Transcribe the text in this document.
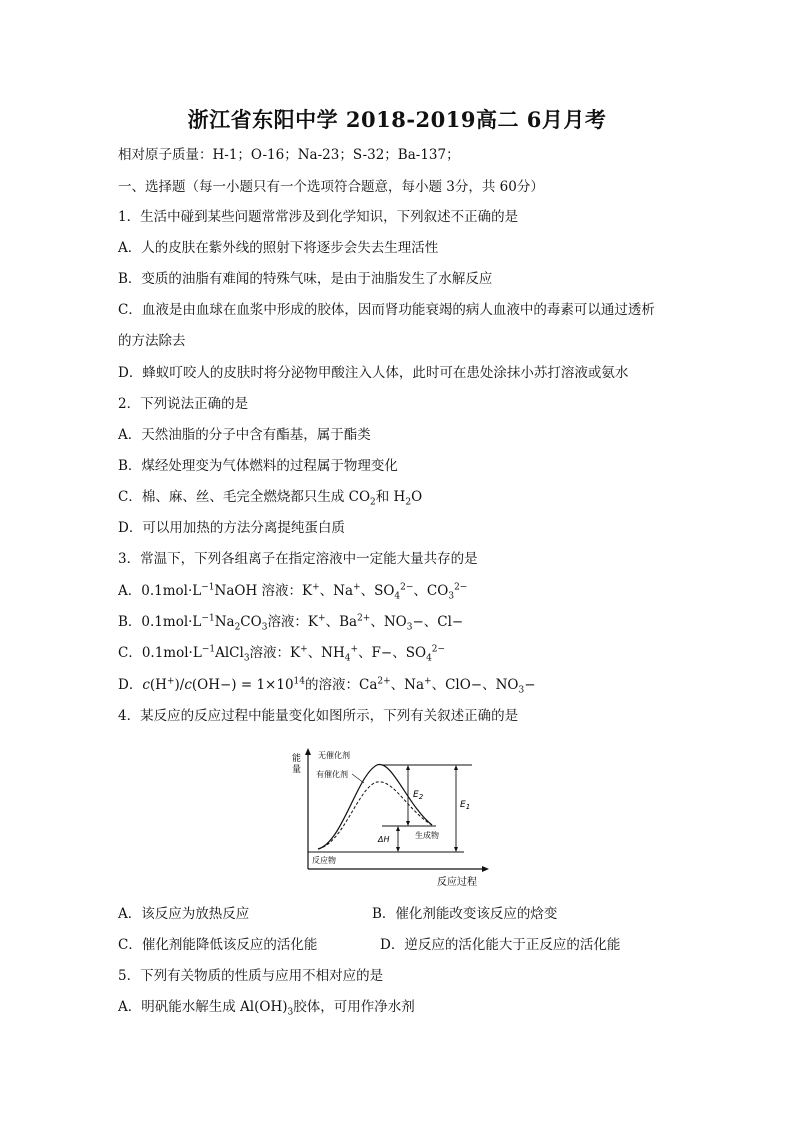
浙江省东阳中学 2018-2019高二 6月月考
相对原子质量：H-1；O-16；Na-23；S-32；Ba-137；
一、选择题（每一小题只有一个选项符合题意，每小题 3分，共 60分）
1．生活中碰到某些问题常常涉及到化学知识，下列叙述不正确的是
A．人的皮肤在紫外线的照射下将逐步会失去生理活性
B．变质的油脂有难闻的特殊气味，是由于油脂发生了水解反应
C．血液是由血球在血浆中形成的胶体，因而肾功能衰竭的病人血液中的毒素可以通过透析
的方法除去
D．蜂蚁叮咬人的皮肤时将分泌物甲酸注入人体，此时可在患处涂抹小苏打溶液或氨水
2．下列说法正确的是
A．天然油脂的分子中含有酯基，属于酯类
B．煤经处理变为气体燃料的过程属于物理变化
C．棉、麻、丝、毛完全燃烧都只生成 $CO_2$和 $H_2O$
D．可以用加热的方法分离提纯蛋白质
3．常温下，下列各组离子在指定溶液中一定能大量共存的是
A．$0.1mol\cdot L^{-1}NaOH$ 溶液：K+、Na+、$SO_4^{2-}$、$CO_3^{2-}$
B．$0.1mol\cdot L^{-1}Na_2CO_3$溶液：K+、$Ba^{2+}$、$NO_3-$、Cl−
C．$0.1mol\cdot L^{-1}AlCl_3$溶液：K+、$NH_4^+$、F−、$SO_4^{2-}$
D．$c(H^+)/c(OH-) = 1\times 10^{14}$的溶液：$Ca^{2+}$、Na+、ClO−、$NO_3-$
4．某反应的反应过程中能量变化如图所示，下列有关叙述正确的是
能
量
反应过程
$E_2$
$E_1$
ΔH
无催化剂
有催化剂
生成物
反应物
A．该反应为放热反应	B．催化剂能改变该反应的焓变
C．催化剂能降低该反应的活化能	D．逆反应的活化能大于正反应的活化能
5．下列有关物质的性质与应用不相对应的是
A．明矾能水解生成 $Al(OH)_3$胶体，可用作净水剂
